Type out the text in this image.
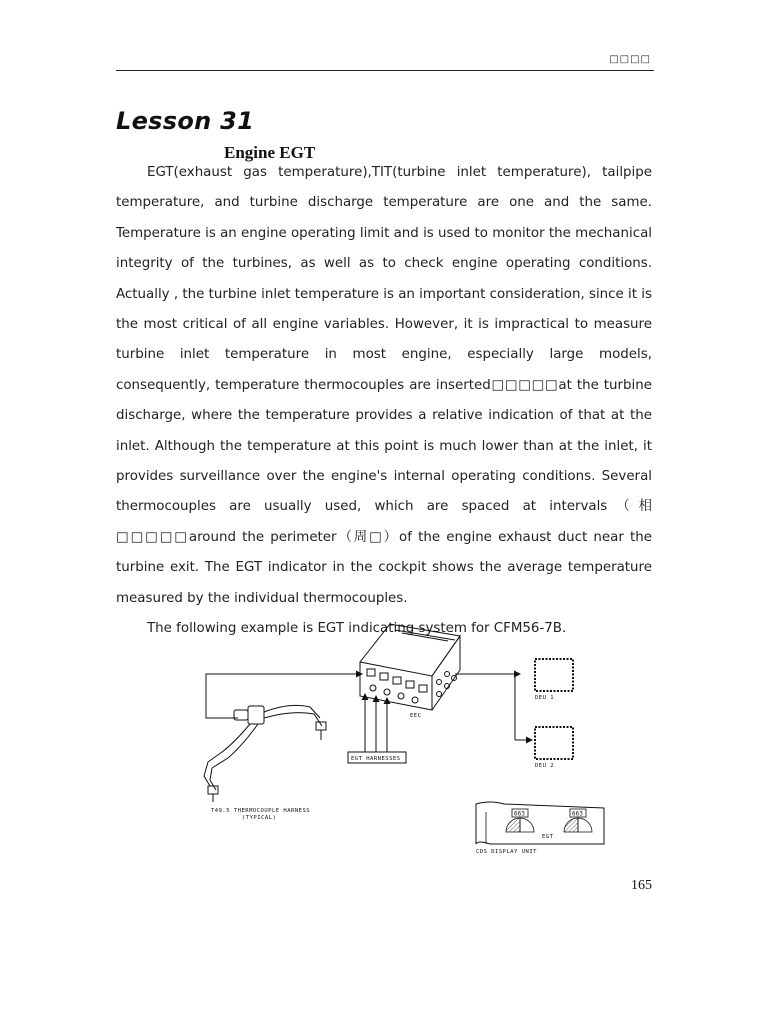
□□□□
Lesson 31
Engine EGT

EGT(exhaust gas temperature),TIT(turbine inlet temperature), tailpipe temperature, and turbine discharge temperature are one and the same. Temperature is an engine operating limit and is used to monitor the mechanical integrity of the turbines, as well as to check engine operating conditions. Actually , the turbine inlet temperature is an important consideration, since it is the most critical of all engine variables. However, it is impractical to measure turbine inlet temperature in most engine, especially large models, consequently, temperature thermocouples are inserted□□□□□at the turbine discharge, where the temperature provides a relative indication of that at the inlet. Although the temperature at this point is much lower than at the inlet, it provides surveillance over the engine's internal operating conditions. Several thermocouples are usually used, which are spaced at intervals（相□□□□□around the perimeter（周□）of the engine exhaust duct near the turbine exit. The EGT indicator in the cockpit shows the average temperature measured by the individual thermocouples.

The following example is EGT indicating system for CFM56-7B.

EEC
DEU 1
DEU 2
EGT HARNESSES
T49.5 THERMOCOUPLE HARNESS
(TYPICAL)
663	663
EGT
CDS DISPLAY UNIT
165
